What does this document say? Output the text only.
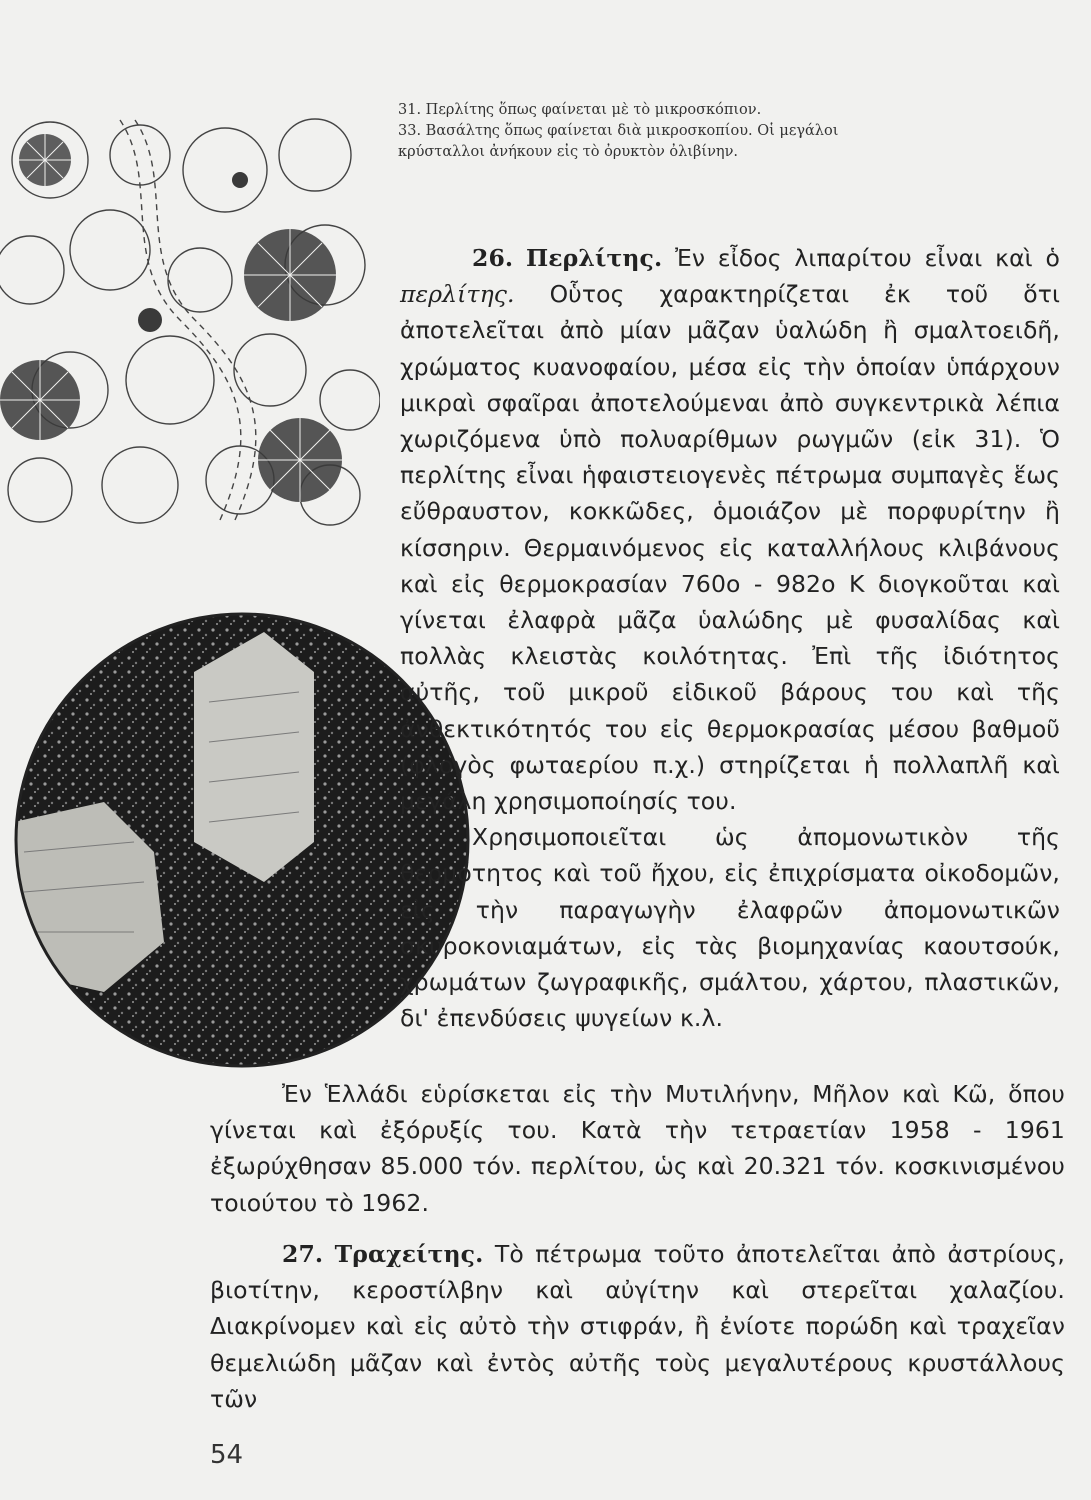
31. Περλίτης ὅπως φαίνεται μὲ τὸ μικροσκόπιον.

33. Βασάλτης ὅπως φαίνεται διὰ μικροσκοπίου. Οἱ μεγάλοι

κρύσταλλοι ἀνήκουν εἰς τὸ ὀρυκτὸν ὀλιβίνην.

26. Περλίτης. Ἐν εἶδος λιπαρίτου εἶναι καὶ ὁ περλίτης. Οὗτος χαρακτηρίζεται ἐκ τοῦ ὅτι ἀποτελεῖται ἀπὸ μίαν μᾶζαν ὑαλώδη ἢ σμαλτοειδῆ, χρώματος κυανοφαίου, μέσα εἰς τὴν ὁποίαν ὑπάρχουν μικραὶ σφαῖραι ἀποτελούμεναι ἀπὸ συγκεντρικὰ λέπια χωριζόμενα ὑπὸ πολυαρίθμων ρωγμῶν (εἰκ 31). Ὁ περλίτης εἶναι ἡφαιστειογενὲς πέτρωμα συμπαγὲς ἕως εὔθραυστον, κοκκῶδες, ὁμοιάζον μὲ πορφυρίτην ἢ κίσσηριν. Θερμαινόμενος εἰς καταλλήλους κλιβάνους καὶ εἰς θερμοκρασίαν 760o - 982o Κ διογκοῦται καὶ γίνεται ἐλαφρὰ μᾶζα ὑαλώδης μὲ φυσαλίδας καὶ πολλὰς κλειστὰς κοιλότητας. Ἐπὶ τῆς ἰδιότητος αὐτῆς, τοῦ μικροῦ εἰδικοῦ βάρους του καὶ τῆς ἀνθεκτικότητός του εἰς θερμοκρασίας μέσου βαθμοῦ (φλογὸς φωταερίου π.χ.) στηρίζεται ἡ πολλαπλῆ καὶ μεγάλη χρησιμοποίησίς του.

Χρησιμοποιεῖται ὡς ἀπομονωτικὸν τῆς θερμότητος καὶ τοῦ ἤχου, εἰς ἐπιχρίσματα οἰκοδομῶν, εἰς τὴν παραγωγὴν ἐλαφρῶν ἀπομονωτικῶν σκυροκονιαμάτων, εἰς τὰς βιομηχανίας καουτσούκ, χρωμάτων ζωγραφικῆς, σμάλτου, χάρτου, πλαστικῶν, δι' ἐπενδύσεις ψυγείων κ.λ.

Ἐν Ἑλλάδι εὑρίσκεται εἰς τὴν Μυτιλήνην, Μῆλον καὶ Κῶ, ὅπου γίνεται καὶ ἐξόρυξίς του. Κατὰ τὴν τετραετίαν 1958 - 1961 ἐξωρύχθησαν 85.000 τόν. περλίτου, ὡς καὶ 20.321 τόν. κοσκινισμένου τοιούτου τὸ 1962.

27. Τραχείτης. Τὸ πέτρωμα τοῦτο ἀποτελεῖται ἀπὸ ἀστρίους, βιοτίτην, κεροστίλβην καὶ αὐγίτην καὶ στερεῖται χαλαζίου. Διακρίνομεν καὶ εἰς αὐτὸ τὴν στιφράν, ἢ ἐνίοτε πορώδη καὶ τραχεῖαν θεμελιώδη μᾶζαν καὶ ἐντὸς αὐτῆς τοὺς μεγαλυτέρους κρυστάλλους τῶν

54
